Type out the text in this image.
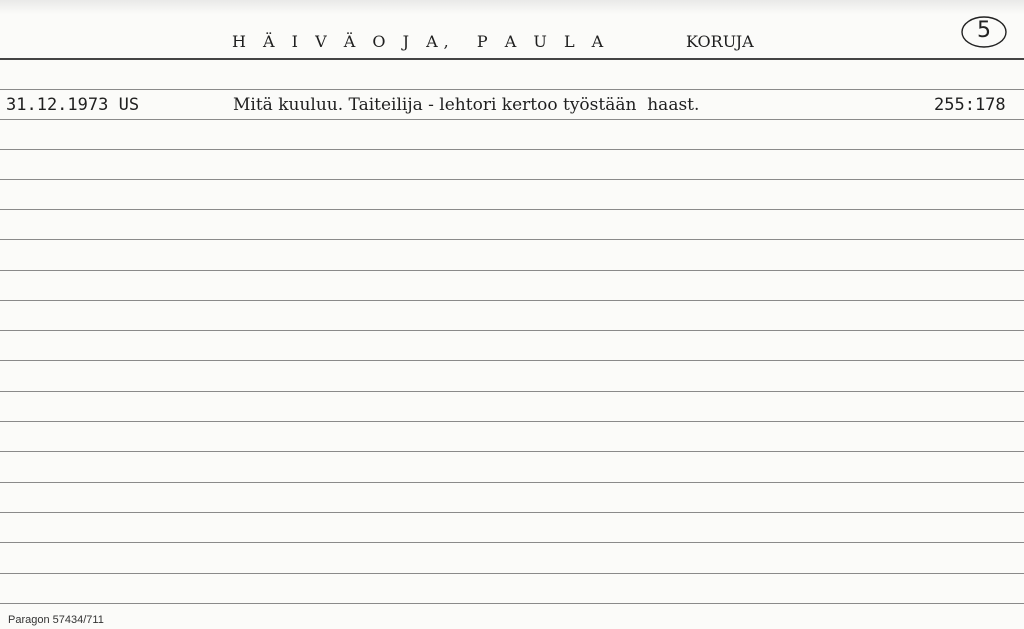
H Ä I V Ä O J A,  P A U L A	KORUJA	5
31.12.1973 US	Mitä kuuluu. Taiteilija - lehtori kertoo työstään  haast.	255:178
Paragon 57434/711
